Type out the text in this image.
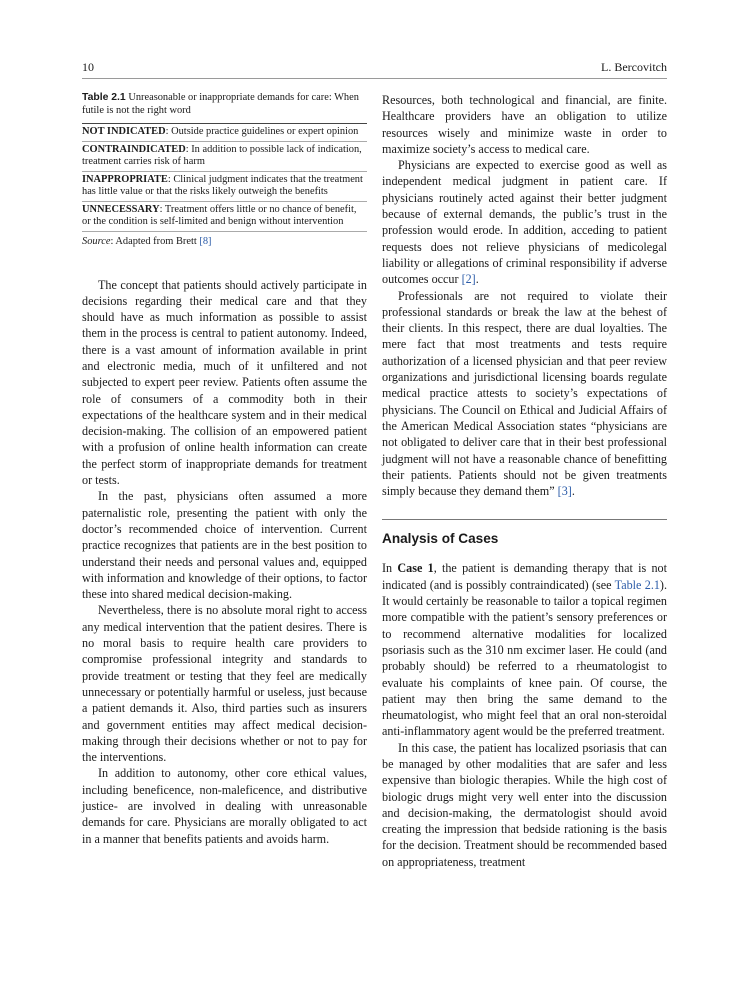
10	L. Bercovitch
Table 2.1 Unreasonable or inappropriate demands for care: When futile is not the right word
NOT INDICATED: Outside practice guidelines or expert opinion
CONTRAINDICATED: In addition to possible lack of indication, treatment carries risk of harm
INAPPROPRIATE: Clinical judgment indicates that the treatment has little value or that the risks likely outweigh the benefits
UNNECESSARY: Treatment offers little or no chance of benefit, or the condition is self-limited and benign without intervention
Source: Adapted from Brett [8]

The concept that patients should actively participate in decisions regarding their medical care and that they should have as much information as possible to assist them in the process is central to patient autonomy. Indeed, there is a vast amount of information available in print and electronic media, much of it unfiltered and not subjected to expert peer review. Patients often assume the role of consumers of a commodity both in their expectations of the healthcare system and in their medical decision-making. The collision of an empowered patient with a profusion of online health information can create the perfect storm of inappropriate demands for treatment or tests.

In the past, physicians often assumed a more paternalistic role, presenting the patient with only the doctor’s recommended choice of intervention. Current practice recognizes that patients are in the best position to understand their needs and personal values and, equipped with information and knowledge of their options, to factor these into shared medical decision-making.

Nevertheless, there is no absolute moral right to access any medical intervention that the patient desires. There is no moral basis to require health care providers to compromise professional integrity and standards to provide treatment or testing that they feel are medically unnecessary or potentially harmful or useless, just because a patient demands it. Also, third parties such as insurers and government entities may affect medical decision-making through their decisions whether or not to pay for the interventions.

In addition to autonomy, other core ethical values, including beneficence, non-maleficence, and distributive justice- are involved in dealing with unreasonable demands for care. Physicians are morally obligated to act in a manner that benefits patients and avoids harm.

Resources, both technological and financial, are finite. Healthcare providers have an obligation to utilize resources wisely and minimize waste in order to maximize society’s access to medical care.

Physicians are expected to exercise good as well as independent medical judgment in patient care. If physicians routinely acted against their better judgment because of external demands, the public’s trust in the profession would erode. In addition, acceding to patient requests does not relieve physicians of medicolegal liability or allegations of criminal responsibility if adverse outcomes occur [2].

Professionals are not required to violate their professional standards or break the law at the behest of their clients. In this respect, there are dual loyalties. The mere fact that most treatments and tests require authorization of a licensed physician and that peer review organizations and jurisdictional licensing boards regulate medical practice attests to society’s expectations of physicians. The Council on Ethical and Judicial Affairs of the American Medical Association states “physicians are not obligated to deliver care that in their best professional judgment will not have a reasonable chance of benefitting their patients. Patients should not be given treatments simply because they demand them” [3].

Analysis of Cases

In Case 1, the patient is demanding therapy that is not indicated (and is possibly contraindicated) (see Table 2.1). It would certainly be reasonable to tailor a topical regimen more compatible with the patient’s sensory preferences or to recommend alternative modalities for localized psoriasis such as the 310 nm excimer laser. He could (and probably should) be referred to a rheumatologist to evaluate his complaints of knee pain. Of course, the patient may then bring the same demand to the rheumatologist, who might feel that an oral non-steroidal anti-inflammatory agent would be the preferred treatment.

In this case, the patient has localized psoriasis that can be managed by other modalities that are safer and less expensive than biologic therapies. While the high cost of biologic drugs might very well enter into the discussion and decision-making, the dermatologist should avoid creating the impression that bedside rationing is the basis for the decision. Treatment should be recommended based on appropriateness, treatment
